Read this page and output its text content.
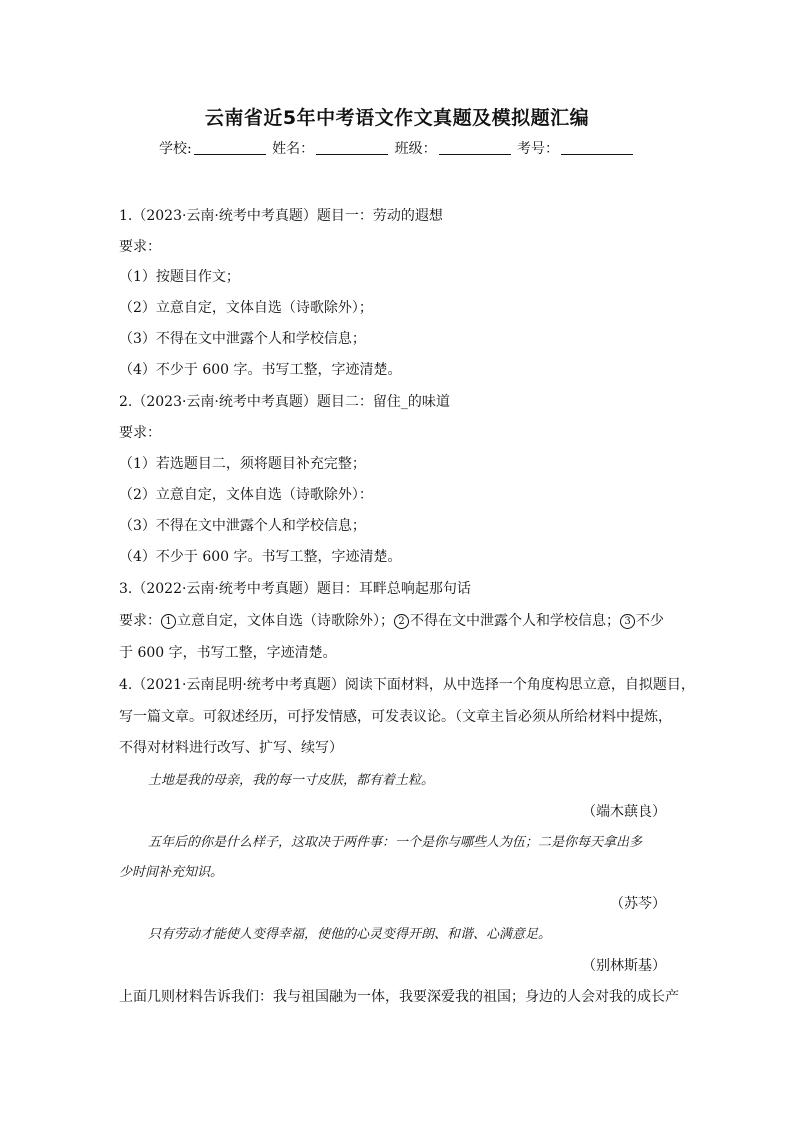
云南省近5年中考语文作文真题及模拟题汇编
学校:	姓名：	班级：	考号：
1.（2023·云南·统考中考真题）题目一：劳动的遐想
要求：
（1）按题目作文；
（2）立意自定，文体自选（诗歌除外）；
（3）不得在文中泄露个人和学校信息；
（4）不少于 600 字。书写工整，字迹清楚。
2.（2023·云南·统考中考真题）题目二：留住_的味道
要求：
（1）若选题目二，须将题目补充完整；
（2）立意自定，文体自选（诗歌除外）：
（3）不得在文中泄露个人和学校信息；
（4）不少于 600 字。书写工整，字迹清楚。
3.（2022·云南·统考中考真题）题目：耳畔总响起那句话
要求： 1 立意自定，文体自选（诗歌除外）； 2 不得在文中泄露个人和学校信息； 3 不少
于 600 字，书写工整，字迹清楚。
4.（2021·云南昆明·统考中考真题）阅读下面材料，从中选择一个角度构思立意，自拟题目，
写一篇文章。可叙述经历，可抒发情感，可发表议论。（文章主旨必须从所给材料中提炼，
不得对材料进行改写、扩写、续写）
土地是我的母亲，我的每一寸皮肤，都有着土粒。
（端木蕻良）
五年后的你是什么样子，这取决于两件事：一个是你与哪些人为伍；二是你每天拿出多
少时间补充知识。
（苏芩）
只有劳动才能使人变得幸福，使他的心灵变得开朗、和谐、心满意足。
（别林斯基）
上面几则材料告诉我们：我与祖国融为一体，我要深爱我的祖国；身边的人会对我的成长产
